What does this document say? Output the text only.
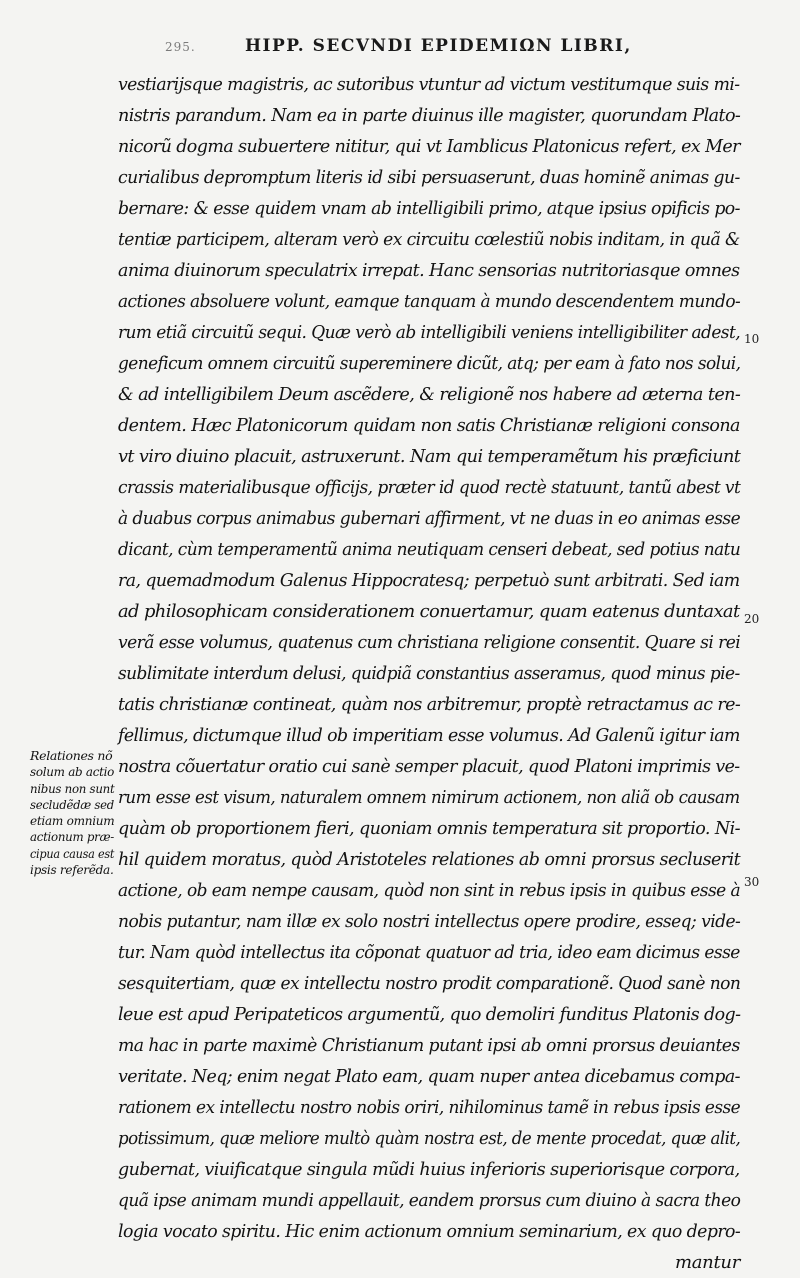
295.	HIPP. SECVNDI EPIDEMIΩN LIBRI,
vestiarijsque magistris, ac sutoribus vtuntur ad victum vestitumque suis mi-
nistris parandum. Nam ea in parte diuinus ille magister, quorundam Plato-
nicorũ dogma subuertere nititur, qui vt Iamblicus Platonicus refert, ex Mer
curialibus depromptum literis id sibi persuaserunt, duas hominẽ animas gu-
bernare: & esse quidem vnam ab intelligibili primo, atque ipsius opificis po-
tentiæ participem, alteram verò ex circuitu cœlestiũ nobis inditam, in quã &
anima diuinorum speculatrix irrepat. Hanc sensorias nutritoriasque omnes
actiones absoluere volunt, eamque tanquam à mundo descendentem mundo-
rum etiã circuitũ sequi. Quæ verò ab intelligibili veniens intelligibiliter adest,
geneficum omnem circuitũ supereminere dicũt, atq; per eam à fato nos solui,
& ad intelligibilem Deum ascẽdere, & religionẽ nos habere ad æterna ten-
dentem. Hæc Platonicorum quidam non satis Christianæ religioni consona
vt viro diuino placuit, astruxerunt. Nam qui temperamẽtum his præficiunt
crassis materialibusque officijs, præter id quod rectè statuunt, tantũ abest vt
à duabus corpus animabus gubernari affirment, vt ne duas in eo animas esse
dicant, cùm temperamentũ anima neutiquam censeri debeat, sed potius natu
ra, quemadmodum Galenus Hippocratesq; perpetuò sunt arbitrati. Sed iam
ad philosophicam considerationem conuertamur, quam eatenus duntaxat
verã esse volumus, quatenus cum christiana religione consentit. Quare si rei
sublimitate interdum delusi, quidpiã constantius asseramus, quod minus pie-
tatis christianæ contineat, quàm nos arbitremur, proptè retractamus ac re-
fellimus, dictumque illud ob imperitiam esse volumus. Ad Galenũ igitur iam
nostra cõuertatur oratio cui sanè semper placuit, quod Platoni imprimis ve-
rum esse est visum, naturalem omnem nimirum actionem, non aliã ob causam
quàm ob proportionem fieri, quoniam omnis temperatura sit proportio. Ni-
hil quidem moratus, quòd Aristoteles relationes ab omni prorsus secluserit
actione, ob eam nempe causam, quòd non sint in rebus ipsis in quibus esse à
nobis putantur, nam illæ ex solo nostri intellectus opere prodire, esseq; vide-
tur. Nam quòd intellectus ita cõponat quatuor ad tria, ideo eam dicimus esse
sesquitertiam, quæ ex intellectu nostro prodit comparationẽ. Quod sanè non
leue est apud Peripateticos argumentũ, quo demoliri funditus Platonis dog-
ma hac in parte maximè Christianum putant ipsi ab omni prorsus deuiantes
veritate. Neq; enim negat Plato eam, quam nuper antea dicebamus compa-
rationem ex intellectu nostro nobis oriri, nihilominus tamẽ in rebus ipsis esse
potissimum, quæ meliore multò quàm nostra est, de mente procedat, quæ alit,
gubernat, viuificatque singula mũdi huius inferioris superiorisque corpora,
quã ipse animam mundi appellauit, eandem prorsus cum diuino à sacra theo
logia vocato spiritu. Hic enim actionum omnium seminarium, ex quo depro-
mantur
10
20
30
Relationes nõ
solum ab actio
nibus non sunt
secludẽdæ sed
etiam omnium
actionum præ-
cipua causa est
ipsis referẽda.
